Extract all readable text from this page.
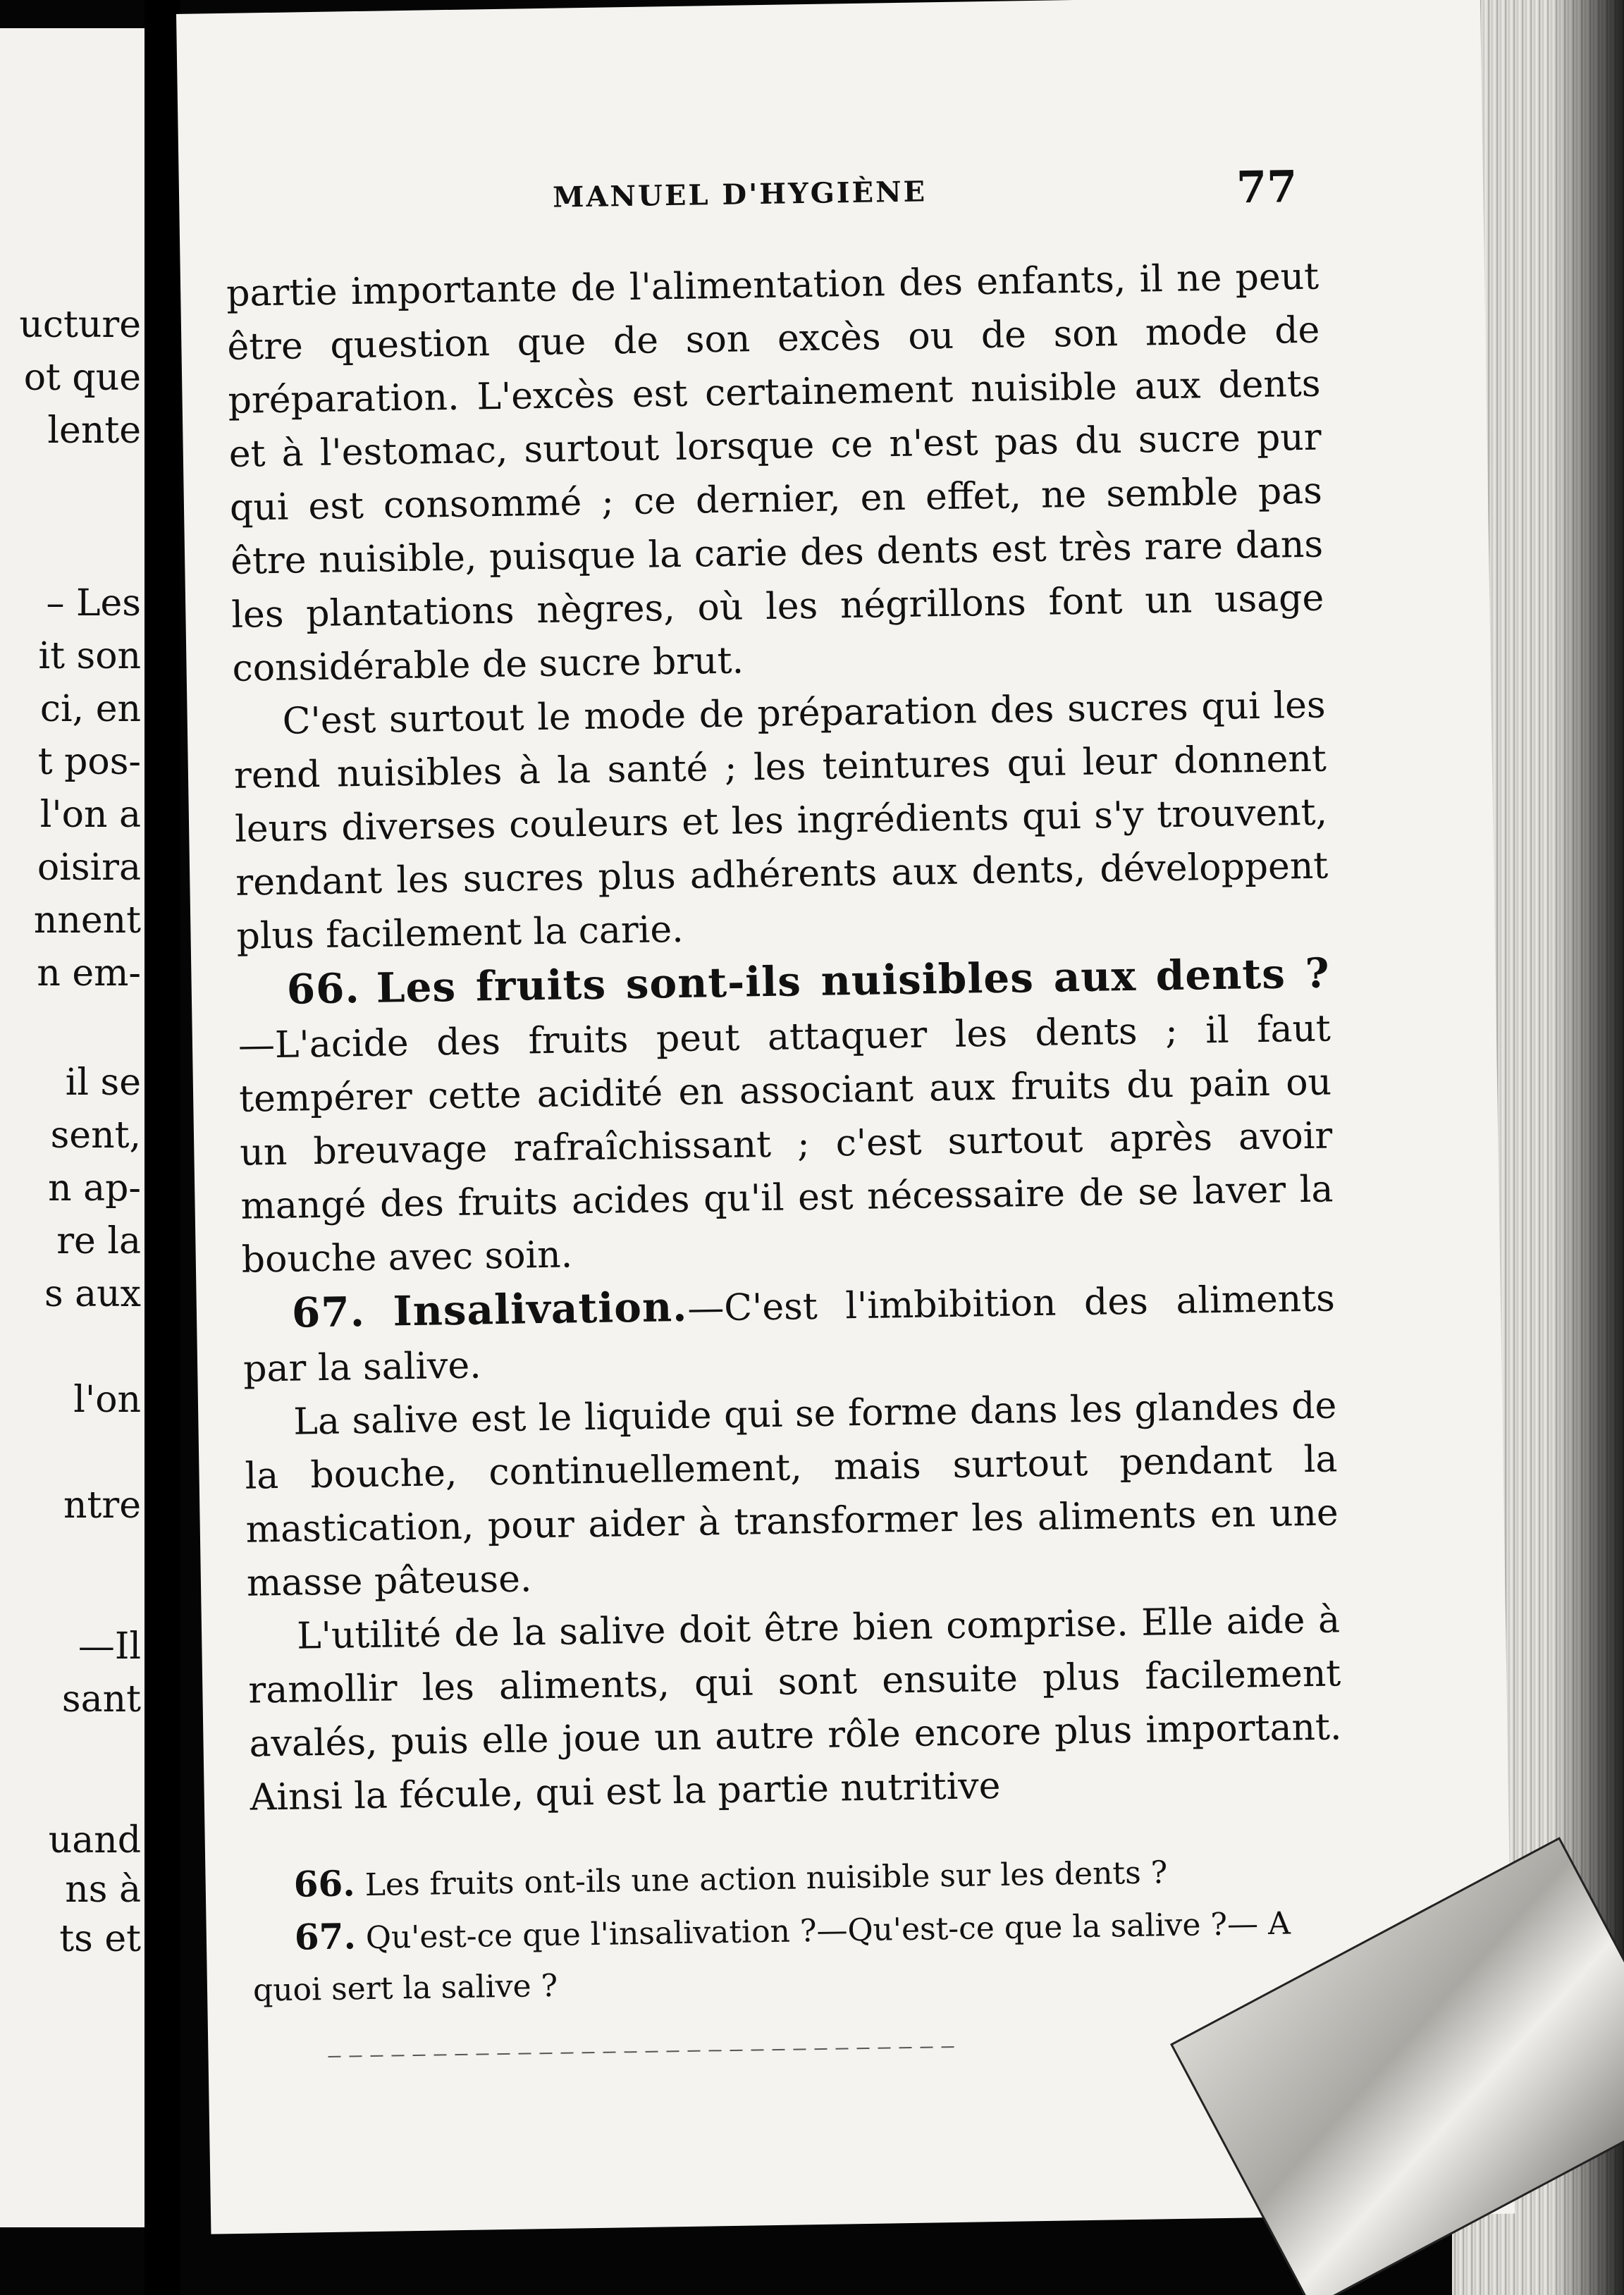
ucture
ot que
lente
– Les
it son
ci, en
t pos-
l'on a
oisira
nnent
n em-
il se
sent,
n ap-
re la
s aux
l'on
ntre
—Il
sant
uand
ns à
ts et
MANUEL D'HYGIÈNE	77

partie importante de l'alimentation des enfants, il ne peut être question que de son excès ou de son mode de préparation. L'excès est certainement nuisible aux dents et à l'estomac, surtout lorsque ce n'est pas du sucre pur qui est consommé ; ce dernier, en effet, ne semble pas être nuisible, puisque la carie des dents est très rare dans les plantations nègres, où les négrillons font un usage considérable de sucre brut.

C'est surtout le mode de préparation des sucres qui les rend nuisibles à la santé ; les teintures qui leur donnent leurs diverses couleurs et les ingrédients qui s'y trouvent, rendant les sucres plus adhérents aux dents, développent plus facilement la carie.

66. Les fruits sont-ils nuisibles aux dents ?—L'acide des fruits peut attaquer les dents ; il faut tempérer cette acidité en associant aux fruits du pain ou un breuvage rafraîchissant ; c'est surtout après avoir mangé des fruits acides qu'il est nécessaire de se laver la bouche avec soin.

67. Insalivation.—C'est l'imbibition des aliments par la salive.

La salive est le liquide qui se forme dans les glandes de la bouche, continuellement, mais surtout pendant la mastication, pour aider à transformer les aliments en une masse pâteuse.

L'utilité de la salive doit être bien comprise. Elle aide à ramollir les aliments, qui sont ensuite plus facilement avalés, puis elle joue un autre rôle encore plus important. Ainsi la fécule, qui est la partie nutritive

66. Les fruits ont-ils une action nuisible sur les dents ?

67. Qu'est-ce que l'insalivation ?—Qu'est-ce que la salive ?— A quoi sert la salive ?
